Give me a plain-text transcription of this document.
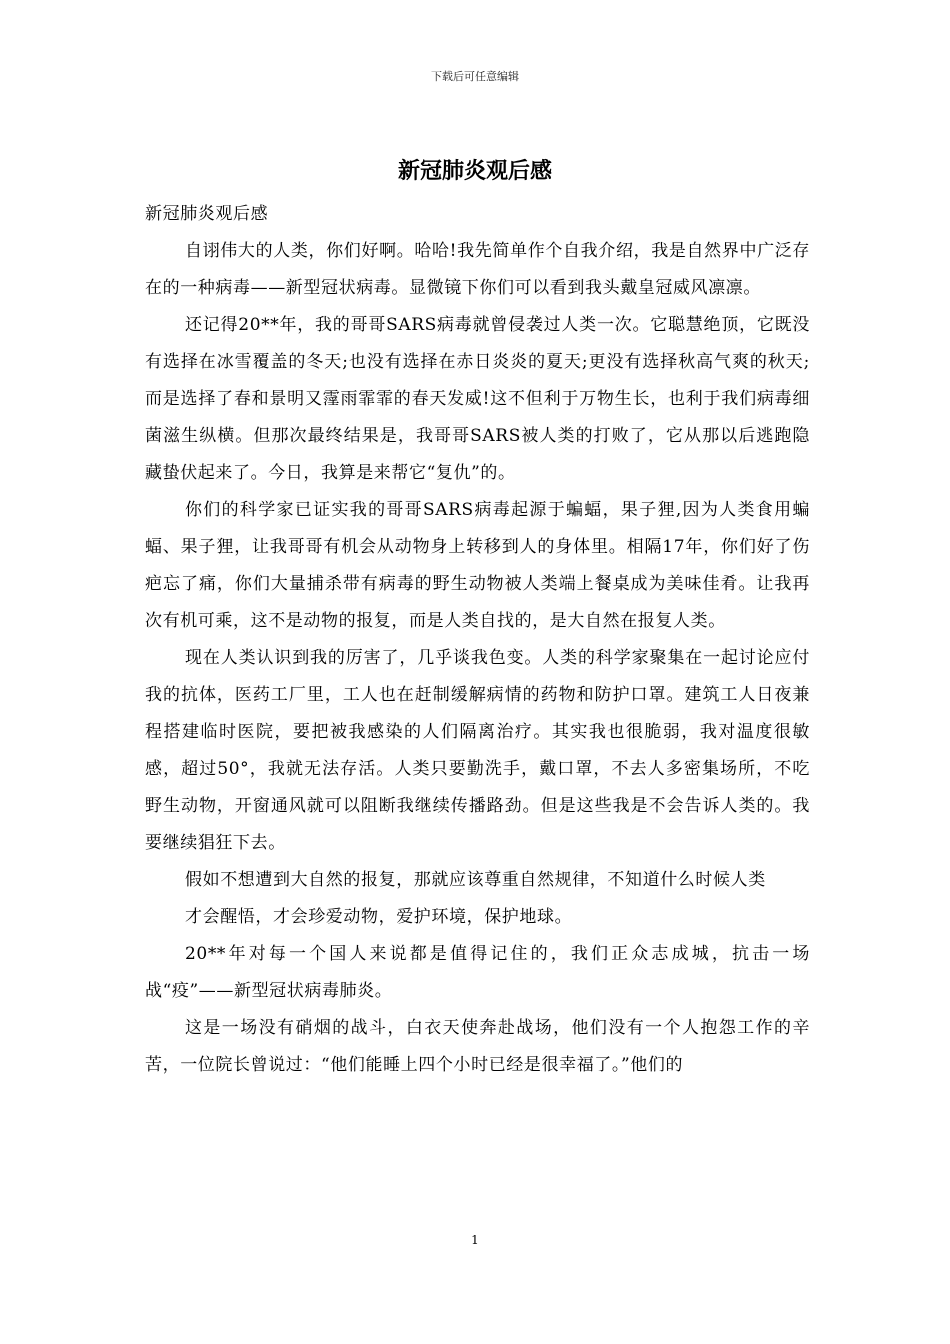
下载后可任意编辑
新冠肺炎观后感

新冠肺炎观后感

自诩伟大的人类，你们好啊。哈哈!我先简单作个自我介绍，我是自然界中广泛存在的一种病毒——新型冠状病毒。显微镜下你们可以看到我头戴皇冠威风凛凛。

还记得20**年，我的哥哥SARS病毒就曾侵袭过人类一次。它聪慧绝顶，它既没有选择在冰雪覆盖的冬天;也没有选择在赤日炎炎的夏天;更没有选择秋高气爽的秋天;而是选择了春和景明又霪雨霏霏的春天发威!这不但利于万物生长，也利于我们病毒细菌滋生纵横。但那次最终结果是，我哥哥SARS被人类的打败了，它从那以后逃跑隐藏蛰伏起来了。今日，我算是来帮它“复仇”的。

你们的科学家已证实我的哥哥SARS病毒起源于蝙蝠，果子狸,因为人类食用蝙蝠、果子狸，让我哥哥有机会从动物身上转移到人的身体里。相隔17年，你们好了伤疤忘了痛，你们大量捕杀带有病毒的野生动物被人类端上餐桌成为美味佳肴。让我再次有机可乘，这不是动物的报复，而是人类自找的，是大自然在报复人类。

现在人类认识到我的厉害了，几乎谈我色变。人类的科学家聚集在一起讨论应付我的抗体，医药工厂里，工人也在赶制缓解病情的药物和防护口罩。建筑工人日夜兼程搭建临时医院，要把被我感染的人们隔离治疗。其实我也很脆弱，我对温度很敏感，超过50°，我就无法存活。人类只要勤洗手，戴口罩，不去人多密集场所，不吃野生动物，开窗通风就可以阻断我继续传播路劲。但是这些我是不会告诉人类的。我要继续猖狂下去。

假如不想遭到大自然的报复，那就应该尊重自然规律，不知道什么时候人类

才会醒悟，才会珍爱动物，爱护环境，保护地球。

20**年对每一个国人来说都是值得记住的，我们正众志成城，抗击一场战“疫”——新型冠状病毒肺炎。

这是一场没有硝烟的战斗，白衣天使奔赴战场，他们没有一个人抱怨工作的辛苦，一位院长曾说过：“他们能睡上四个小时已经是很幸福了。”他们的

1
